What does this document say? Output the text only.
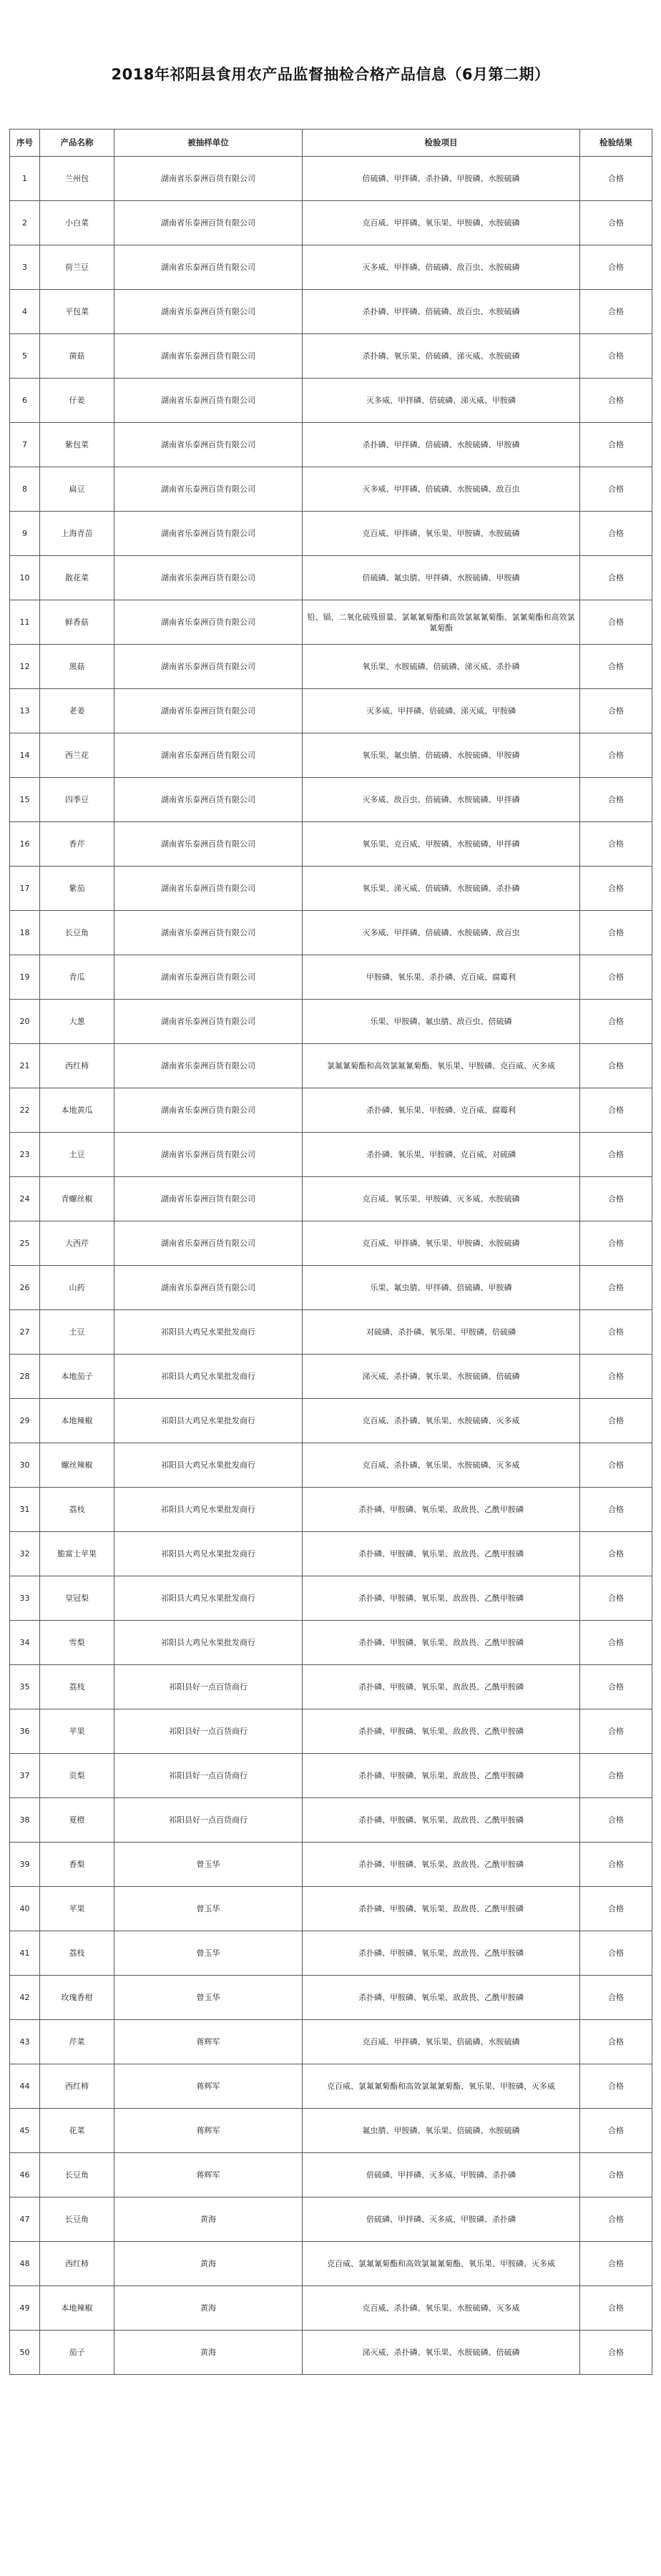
2018年祁阳县食用农产品监督抽检合格产品信息（6月第二期）
序号	产品名称	被抽样单位	检验项目	检验结果
1	兰州包	湖南省乐泰洲百货有限公司	倍硫磷、甲拌磷、杀扑磷、甲胺磷、水胺硫磷	合格
2	小白菜	湖南省乐泰洲百货有限公司	克百威、甲拌磷、氧乐果、甲胺磷、水胺硫磷	合格
3	荷兰豆	湖南省乐泰洲百货有限公司	灭多威、甲拌磷、倍硫磷、敌百虫、水胺硫磷	合格
4	平包菜	湖南省乐泰洲百货有限公司	杀扑磷、甲拌磷、倍硫磷、敌百虫、水胺硫磷	合格
5	菌菇	湖南省乐泰洲百货有限公司	杀扑磷、氧乐果、倍硫磷、涕灭威、水胺硫磷	合格
6	仔姜	湖南省乐泰洲百货有限公司	灭多威、甲拌磷、倍硫磷、涕灭威、甲胺磷	合格
7	紫包菜	湖南省乐泰洲百货有限公司	杀扑磷、甲拌磷、倍硫磷、水胺硫磷、甲胺磷	合格
8	扁豆	湖南省乐泰洲百货有限公司	灭多威、甲拌磷、倍硫磷、水胺硫磷、敌百虫	合格
9	上海青苗	湖南省乐泰洲百货有限公司	克百威、甲拌磷、氧乐果、甲胺磷、水胺硫磷	合格
10	散花菜	湖南省乐泰洲百货有限公司	倍硫磷、氟虫腈、甲拌磷、水胺硫磷、甲胺磷	合格
11	鲜香菇	湖南省乐泰洲百货有限公司	铅、镉、二氧化硫残留量、氯氟氰菊酯和高效氯氟氰菊酯、氯氰菊酯和高效氯氰菊酯	合格
12	黑菇	湖南省乐泰洲百货有限公司	氧乐果、水胺硫磷、倍硫磷、涕灭威、杀扑磷	合格
13	老姜	湖南省乐泰洲百货有限公司	灭多威、甲拌磷、倍硫磷、涕灭威、甲胺磷	合格
14	西兰花	湖南省乐泰洲百货有限公司	氧乐果、氟虫腈、倍硫磷、水胺硫磷、甲胺磷	合格
15	四季豆	湖南省乐泰洲百货有限公司	灭多威、敌百虫、倍硫磷、水胺硫磷、甲拌磷	合格
16	香芹	湖南省乐泰洲百货有限公司	氧乐果、克百威、甲胺磷、水胺硫磷、甲拌磷	合格
17	紫茄	湖南省乐泰洲百货有限公司	氧乐果、涕灭威、倍硫磷、水胺硫磷、杀扑磷	合格
18	长豆角	湖南省乐泰洲百货有限公司	灭多威、甲拌磷、倍硫磷、水胺硫磷、敌百虫	合格
19	青瓜	湖南省乐泰洲百货有限公司	甲胺磷、氧乐果、杀扑磷、克百威、腐霉利	合格
20	大葱	湖南省乐泰洲百货有限公司	乐果、甲胺磷、氟虫腈、敌百虫、倍硫磷	合格
21	西红柿	湖南省乐泰洲百货有限公司	氯氟氰菊酯和高效氯氟氰菊酯、氧乐果、甲胺磷、克百威、灭多威	合格
22	本地黄瓜	湖南省乐泰洲百货有限公司	杀扑磷、氧乐果、甲胺磷、克百威、腐霉利	合格
23	土豆	湖南省乐泰洲百货有限公司	杀扑磷、氧乐果、甲胺磷、克百威、对硫磷	合格
24	青螺丝椒	湖南省乐泰洲百货有限公司	克百威、氧乐果、甲胺磷、灭多威、水胺硫磷	合格
25	大西芹	湖南省乐泰洲百货有限公司	克百威、甲拌磷、氧乐果、甲胺磷、水胺硫磷	合格
26	山药	湖南省乐泰洲百货有限公司	乐果、氟虫腈、甲拌磷、倍硫磷、甲胺磷	合格
27	土豆	祁阳县大鸡兄水果批发商行	对硫磷、杀扑磷、氧乐果、甲胺磷、倍硫磷	合格
28	本地茄子	祁阳县大鸡兄水果批发商行	涕灭威、杀扑磷、氧乐果、水胺硫磷、倍硫磷	合格
29	本地辣椒	祁阳县大鸡兄水果批发商行	克百威、杀扑磷、氧乐果、水胺硫磷、灭多威	合格
30	螺丝辣椒	祁阳县大鸡兄水果批发商行	克百威、杀扑磷、氧乐果、水胺硫磷、灭多威	合格
31	荔枝	祁阳县大鸡兄水果批发商行	杀扑磷、甲胺磷、氧乐果、敌敌畏、乙酰甲胺磷	合格
32	脆富士苹果	祁阳县大鸡兄水果批发商行	杀扑磷、甲胺磷、氧乐果、敌敌畏、乙酰甲胺磷	合格
33	皇冠梨	祁阳县大鸡兄水果批发商行	杀扑磷、甲胺磷、氧乐果、敌敌畏、乙酰甲胺磷	合格
34	雪梨	祁阳县大鸡兄水果批发商行	杀扑磷、甲胺磷、氧乐果、敌敌畏、乙酰甲胺磷	合格
35	荔枝	祁阳县好一点百货商行	杀扑磷、甲胺磷、氧乐果、敌敌畏、乙酰甲胺磷	合格
36	苹果	祁阳县好一点百货商行	杀扑磷、甲胺磷、氧乐果、敌敌畏、乙酰甲胺磷	合格
37	贡梨	祁阳县好一点百货商行	杀扑磷、甲胺磷、氧乐果、敌敌畏、乙酰甲胺磷	合格
38	夏橙	祁阳县好一点百货商行	杀扑磷、甲胺磷、氧乐果、敌敌畏、乙酰甲胺磷	合格
39	香梨	曾玉华	杀扑磷、甲胺磷、氧乐果、敌敌畏、乙酰甲胺磷	合格
40	苹果	曾玉华	杀扑磷、甲胺磷、氧乐果、敌敌畏、乙酰甲胺磷	合格
41	荔枝	曾玉华	杀扑磷、甲胺磷、氧乐果、敌敌畏、乙酰甲胺磷	合格
42	玫瑰香柑	曾玉华	杀扑磷、甲胺磷、氧乐果、敌敌畏、乙酰甲胺磷	合格
43	芹菜	蒋辉军	克百威、甲拌磷、氧乐果、倍硫磷、水胺硫磷	合格
44	西红柿	蒋辉军	克百威、氯氟氰菊酯和高效氯氟氰菊酯、氧乐果、甲胺磷、灭多威	合格
45	花菜	蒋辉军	氟虫腈、甲胺磷、氧乐果、倍硫磷、水胺硫磷	合格
46	长豆角	蒋辉军	倍硫磷、甲拌磷、灭多威、甲胺磷、杀扑磷	合格
47	长豆角	黄海	倍硫磷、甲拌磷、灭多威、甲胺磷、杀扑磷	合格
48	西红柿	黄海	克百威、氯氟氰菊酯和高效氯氟氰菊酯、氧乐果、甲胺磷、灭多威	合格
49	本地辣椒	黄海	克百威、杀扑磷、氧乐果、水胺硫磷、灭多威	合格
50	茄子	黄海	涕灭威、杀扑磷、氧乐果、水胺硫磷、倍硫磷	合格
